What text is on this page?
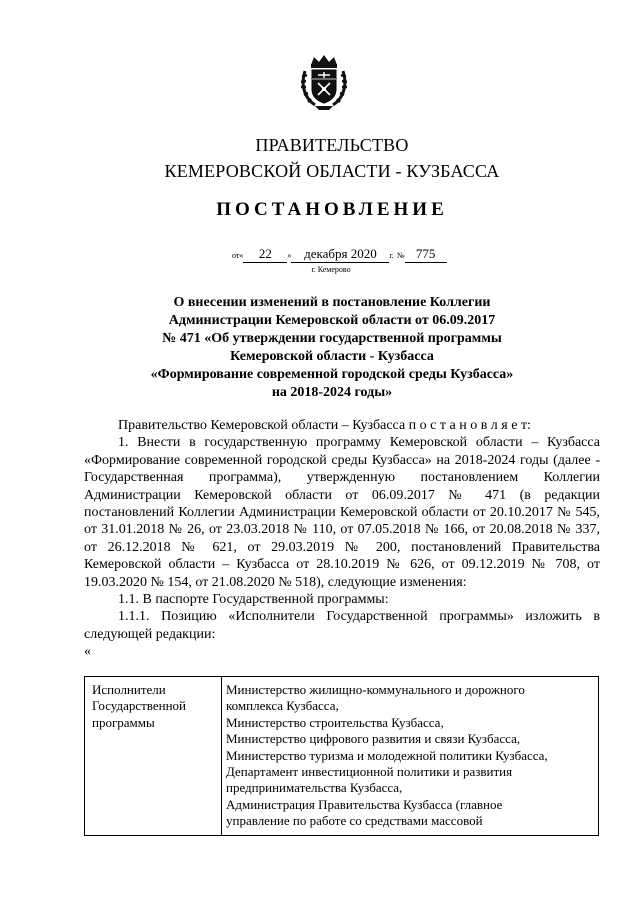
ПРАВИТЕЛЬСТВО
КЕМЕРОВСКОЙ ОБЛАСТИ - КУЗБАССА
ПОСТАНОВЛЕНИЕ
от« 22 » декабря 2020 г. № 775
г. Кемерово
О внесении изменений в постановление Коллегии
Администрации Кемеровской области от 06.09.2017
№ 471 «Об утверждении государственной программы
Кемеровской области - Кузбасса
«Формирование современной городской среды Кузбасса»
на 2018-2024 годы»

Правительство Кемеровской области – Кузбасса п о с т а н о в л я е т:

1. Внести в государственную программу Кемеровской области – Кузбасса «Формирование современной городской среды Кузбасса» на 2018-2024 годы (далее - Государственная программа), утвержденную постановлением Коллегии Администрации Кемеровской области от 06.09.2017 № 471 (в редакции постановлений Коллегии Администрации Кемеровской области от 20.10.2017 № 545, от 31.01.2018 № 26, от 23.03.2018 № 110, от 07.05.2018 № 166, от 20.08.2018 № 337, от 26.12.2018 № 621, от 29.03.2019 № 200, постановлений Правительства Кемеровской области – Кузбасса от 28.10.2019 № 626, от 09.12.2019 № 708, от 19.03.2020 № 154, от 21.08.2020 № 518), следующие изменения:

1.1. В паспорте Государственной программы:

1.1.1. Позицию «Исполнители Государственной программы» изложить в следующей редакции:

«
Исполнители Государственной программы
Министерство жилищно-коммунального и дорожного
комплекса Кузбасса,
Министерство строительства Кузбасса,
Министерство цифрового развития и связи Кузбасса,
Министерство туризма и молодежной политики Кузбасса,
Департамент инвестиционной политики и развития
предпринимательства Кузбасса,
Администрация Правительства Кузбасса (главное
управление по работе со средствами массовой
